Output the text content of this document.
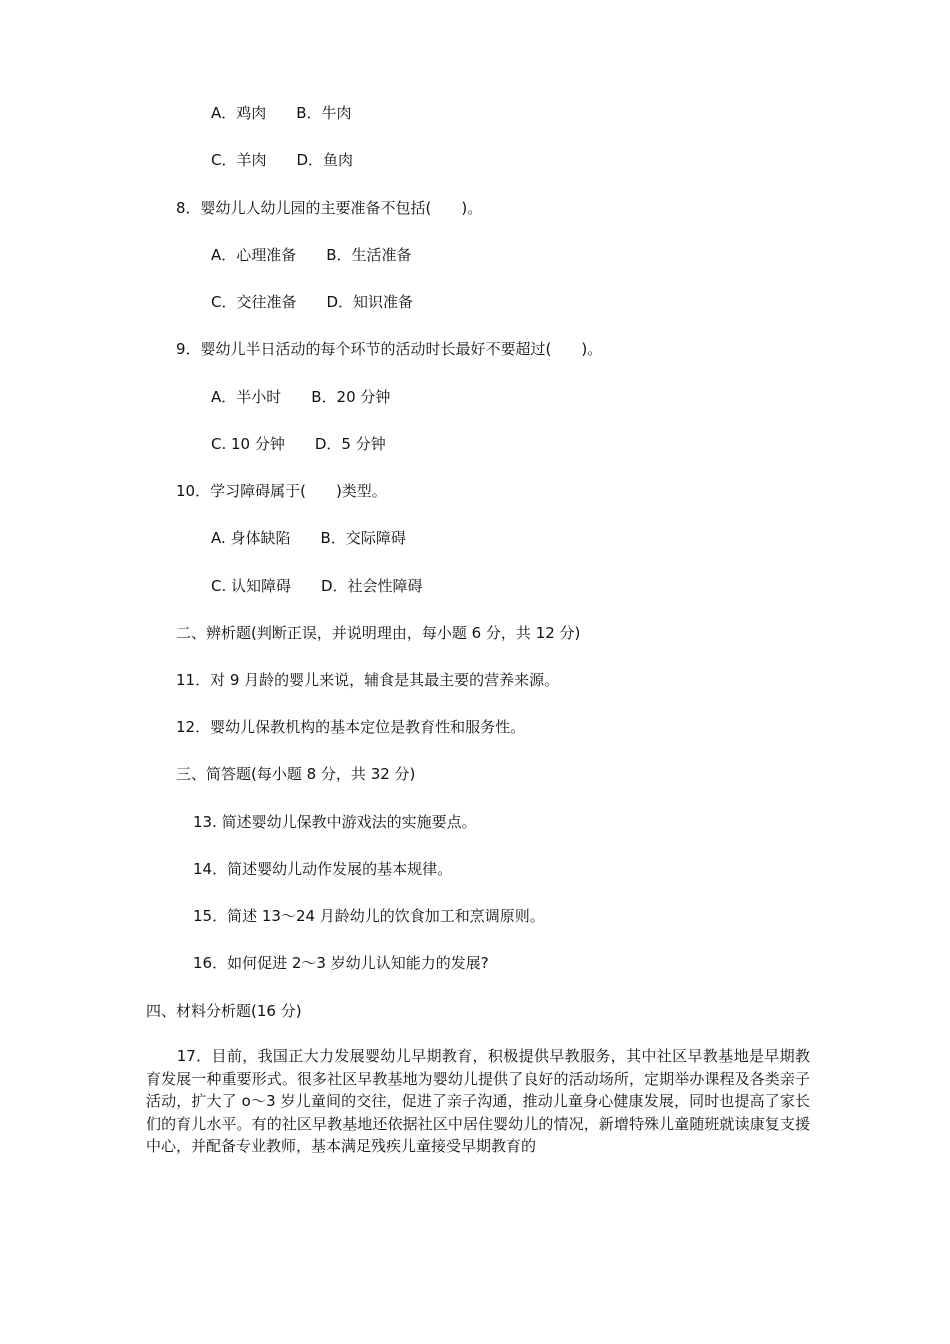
A．鸡肉　　B．牛肉
C．羊肉　　D．鱼肉
8．婴幼儿人幼儿园的主要准备不包括(　　)。
A．心理准备　　B．生活准备
C．交往准备　　D．知识准备
9．婴幼儿半日活动的每个环节的活动时长最好不要超过(　　)。
A．半小时　　B．20 分钟
C. 10 分钟　　D．5 分钟
10．学习障碍属于(　　)类型。
A. 身体缺陷　　B．交际障碍
C. 认知障碍　　D．社会性障碍
二、辨析题(判断正误，并说明理由，每小题 6 分，共 12 分)
11．对 9 月龄的婴儿来说，辅食是其最主要的营养来源。
12．婴幼儿保教机构的基本定位是教育性和服务性。
三、简答题(每小题 8 分，共 32 分)
13. 简述婴幼儿保教中游戏法的实施要点。
14．简述婴幼儿动作发展的基本规律。
15．简述 13～24 月龄幼儿的饮食加工和烹调原则。
16．如何促进 2～3 岁幼儿认知能力的发展?
四、材料分析题(16 分)
　　17．目前，我国正大力发展婴幼儿早期教育，积极提供早教服务，其中社区早教基地是早期教育发展一种重要形式。很多社区早教基地为婴幼儿提供了良好的活动场所，定期举办课程及各类亲子活动，扩大了 o～3 岁儿童间的交往，促进了亲子沟通，推动儿童身心健康发展，同时也提高了家长们的育儿水平。有的社区早教基地还依据社区中居住婴幼儿的情况，新增特殊儿童随班就读康复支援中心，并配备专业教师，基本满足残疾儿童接受早期教育的
